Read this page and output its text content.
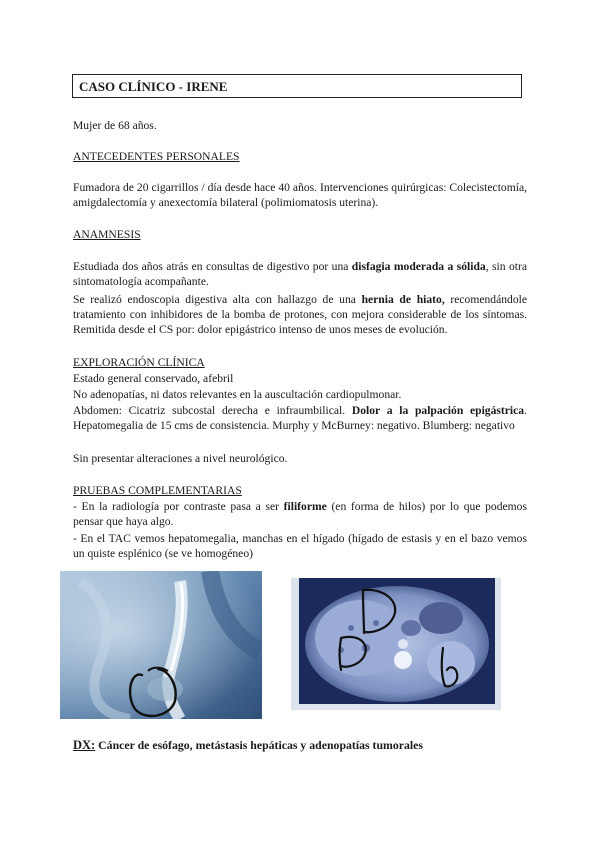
CASO CLÍNICO - IRENE
Mujer de 68 años.
ANTECEDENTES PERSONALES
Fumadora de 20 cigarrillos / día desde hace 40 años. Intervenciones quirúrgicas: Colecistectomía, amigdalectomía y anexectomía bilateral (polimiomatosis uterina).
ANAMNESIS
Estudiada dos años atrás en consultas de digestivo por una disfagia moderada a sólida, sin otra sintomatología acompañante.
Se realizó endoscopia digestiva alta con hallazgo de una hernia de hiato, recomendándole tratamiento con inhibidores de la bomba de protones, con mejora considerable de los síntomas. Remitida desde el CS por: dolor epigástrico intenso de unos meses de evolución.
EXPLORACIÓN CLÍNICA
Estado general conservado, afebril
No adenopatías, ni datos relevantes en la auscultación cardiopulmonar.
Abdomen: Cicatriz subcostal derecha e infraumbilical. Dolor a la palpación epigástrica. Hepatomegalia de 15 cms de consistencia. Murphy y McBurney: negativo. Blumberg: negativo
Sin presentar alteraciones a nivel neurológico.
PRUEBAS COMPLEMENTARIAS
- En la radiología por contraste pasa a ser filiforme (en forma de hilos) por lo que podemos pensar que haya algo.
- En el TAC vemos hepatomegalia, manchas en el hígado (hígado de estasis y en el bazo vemos un quiste esplénico (se ve homogéneo)
DX: Cáncer de esófago, metástasis hepáticas y adenopatías tumorales
